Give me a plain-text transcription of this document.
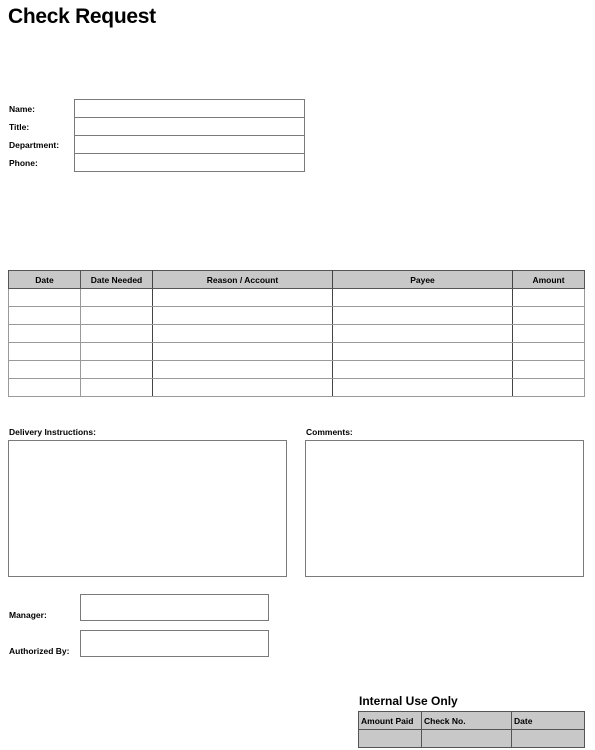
Check Request
Name:
Title:
Department:
Phone:
Date	Date Needed	Reason / Account	Payee	Amount

Delivery Instructions:	Comments:
Manager:
Authorized By:
Internal Use Only
Amount Paid	Check No.	Date
